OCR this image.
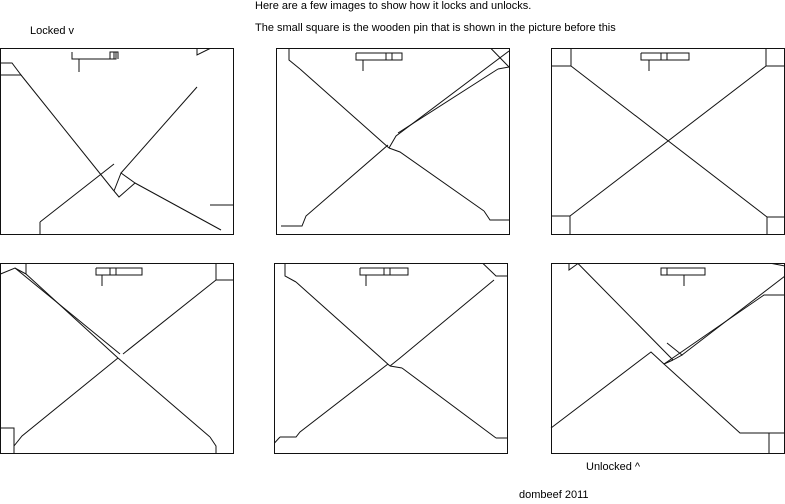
Here are a few images to show how it locks and unlocks.
The small square is the wooden pin that is shown in the picture before this
Locked v
Unlocked ^
dombeef 2011
